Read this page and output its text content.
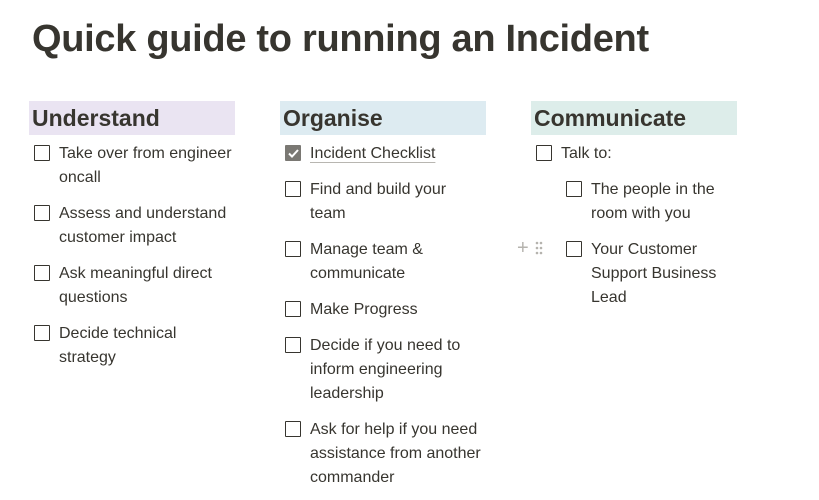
Quick guide to running an Incident
Understand
Take over from engineer oncall
Assess and understand customer impact
Ask meaningful direct questions
Decide technical strategy
Organise
Incident Checklist
Find and build your team
Manage team & communicate
Make Progress
Decide if you need to inform engineering leadership
Ask for help if you need assistance from another commander
Communicate
Talk to:
The people in the room with you
+	Your Customer Support Business Lead
